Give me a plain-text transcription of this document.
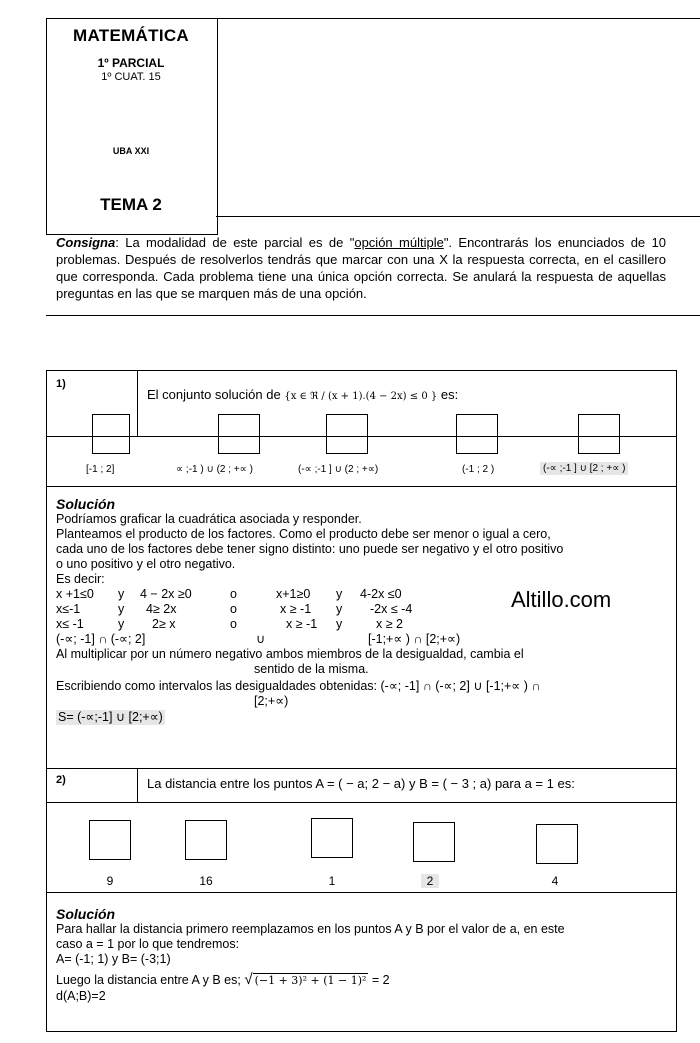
MATEMÁTICA
1º PARCIAL
1º CUAT. 15
UBA XXI
TEMA 2
Consigna: La modalidad de este parcial es de "opción múltiple". Encontrarás los enunciados de 10 problemas. Después de resolverlos tendrás que marcar con una X la respuesta correcta, en el casillero que corresponda. Cada problema tiene una única opción correcta. Se anulará la respuesta de aquellas preguntas en las que se marquen más de una opción.
1)
El conjunto solución de {x ∈ ℜ / (x + 1).(4 − 2x) ≤ 0 } es:
[-1 ; 2]	∝ ;-1 ) ∪ (2 ; +∝ )	(-∝ ;-1 ] ∪ (2 ; +∝)	(-1 ; 2 )	(-∝ ;-1 ] ∪ [2 ; +∝ )
Solución
Podríamos graficar la cuadrática asociada y responder.
Planteamos el producto de los factores. Como el producto debe ser menor o igual a cero,
cada uno de los factores debe tener signo distinto: uno puede ser negativo y el otro positivo
o uno positivo y el otro negativo.
Es decir:
x +1≤0 y 4 − 2x ≥0	o	x+1≥0 y 4-2x ≤0
x≤-1	y 4≥ 2x	o	x ≥ -1 y -2x ≤ -4
x≤ -1	y 2≥ x	o	x ≥ -1 y	x ≥ 2
(-∝; -1] ∩ (-∝; 2]	∪	[-1;+∝ ) ∩ [2;+∝)
Al multiplicar por un número negativo ambos miembros de la desigualdad, cambia el
sentido de la misma.
Escribiendo como intervalos las desigualdades obtenidas: (-∝; -1] ∩ (-∝; 2] ∪ [-1;+∝ ) ∩
[2;+∝)
S= (-∝;-1] ∪ [2;+∝)
Altillo.com
2)	La distancia entre los puntos A = ( − a; 2 − a) y B = ( − 3 ; a) para a = 1 es:
9	16	1	2	4
Solución
Para hallar la distancia primero reemplazamos en los puntos A y B por el valor de a, en este
caso a = 1 por lo que tendremos:
A= (-1; 1) y B= (-3;1)
Luego la distancia entre A y B es; √ (−1 + 3)² + (1 − 1)² = 2
d(A;B)=2
